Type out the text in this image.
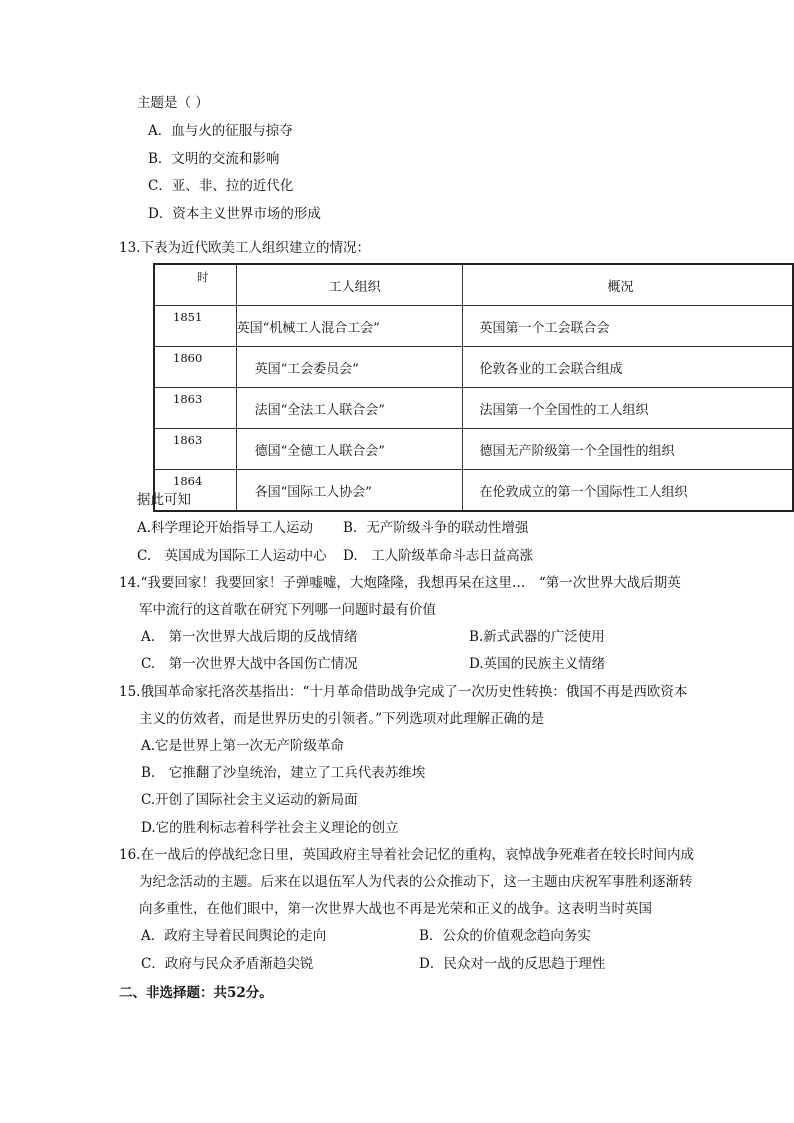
主题是（ ）
A．血与火的征服与掠夺
B．文明的交流和影响
C．亚、非、拉的近代化
D．资本主义世界市场的形成
13.下表为近代欧美工人组织建立的情况：
时	工人组织	概况
1851	英国“机械工人混合工会”	英国第一个工会联合会
1860	英国“工会委员会”	伦敦各业的工会联合组成
1863	法国“全法工人联合会”	法国第一个全国性的工人组织
1863	德国“全德工人联合会”	德国无产阶级第一个全国性的组织
1864	各国“国际工人协会”	在伦敦成立的第一个国际性工人组织
据此可知
A.科学理论开始指导工人运动 B．无产阶级斗争的联动性增强
C.　英国成为国际工人运动中心 D.　工人阶级革命斗志日益高涨
14.“我要回家！我要回家！子弹嘘嘘，大炮隆隆，我想再呆在这里…　“第一次世界大战后期英
军中流行的这首歌在研究下列哪一问题时最有价值
A.　第一次世界大战后期的反战情绪	B.新式武器的广泛使用
C.　第一次世界大战中各国伤亡情况	D.英国的民族主义情绪
15.俄国革命家托洛茨基指出：“十月革命借助战争完成了一次历史性转换：俄国不再是西欧资本
主义的仿效者，而是世界历史的引领者。”下列选项对此理解正确的是
A.它是世界上第一次无产阶级革命
B.　它推翻了沙皇统治，建立了工兵代表苏维埃
C.开创了国际社会主义运动的新局面
D.它的胜利标志着科学社会主义理论的创立
16.在一战后的停战纪念日里，英国政府主导着社会记忆的重构，哀悼战争死难者在较长时间内成
为纪念活动的主题。后来在以退伍军人为代表的公众推动下，这一主题由庆祝军事胜利逐渐转
向多重性，在他们眼中，第一次世界大战也不再是光荣和正义的战争。这表明当时英国
A．政府主导着民间舆论的走向	B．公众的价值观念趋向务实
C．政府与民众矛盾渐趋尖锐	D．民众对一战的反思趋于理性
二、非选择题：共52分。
